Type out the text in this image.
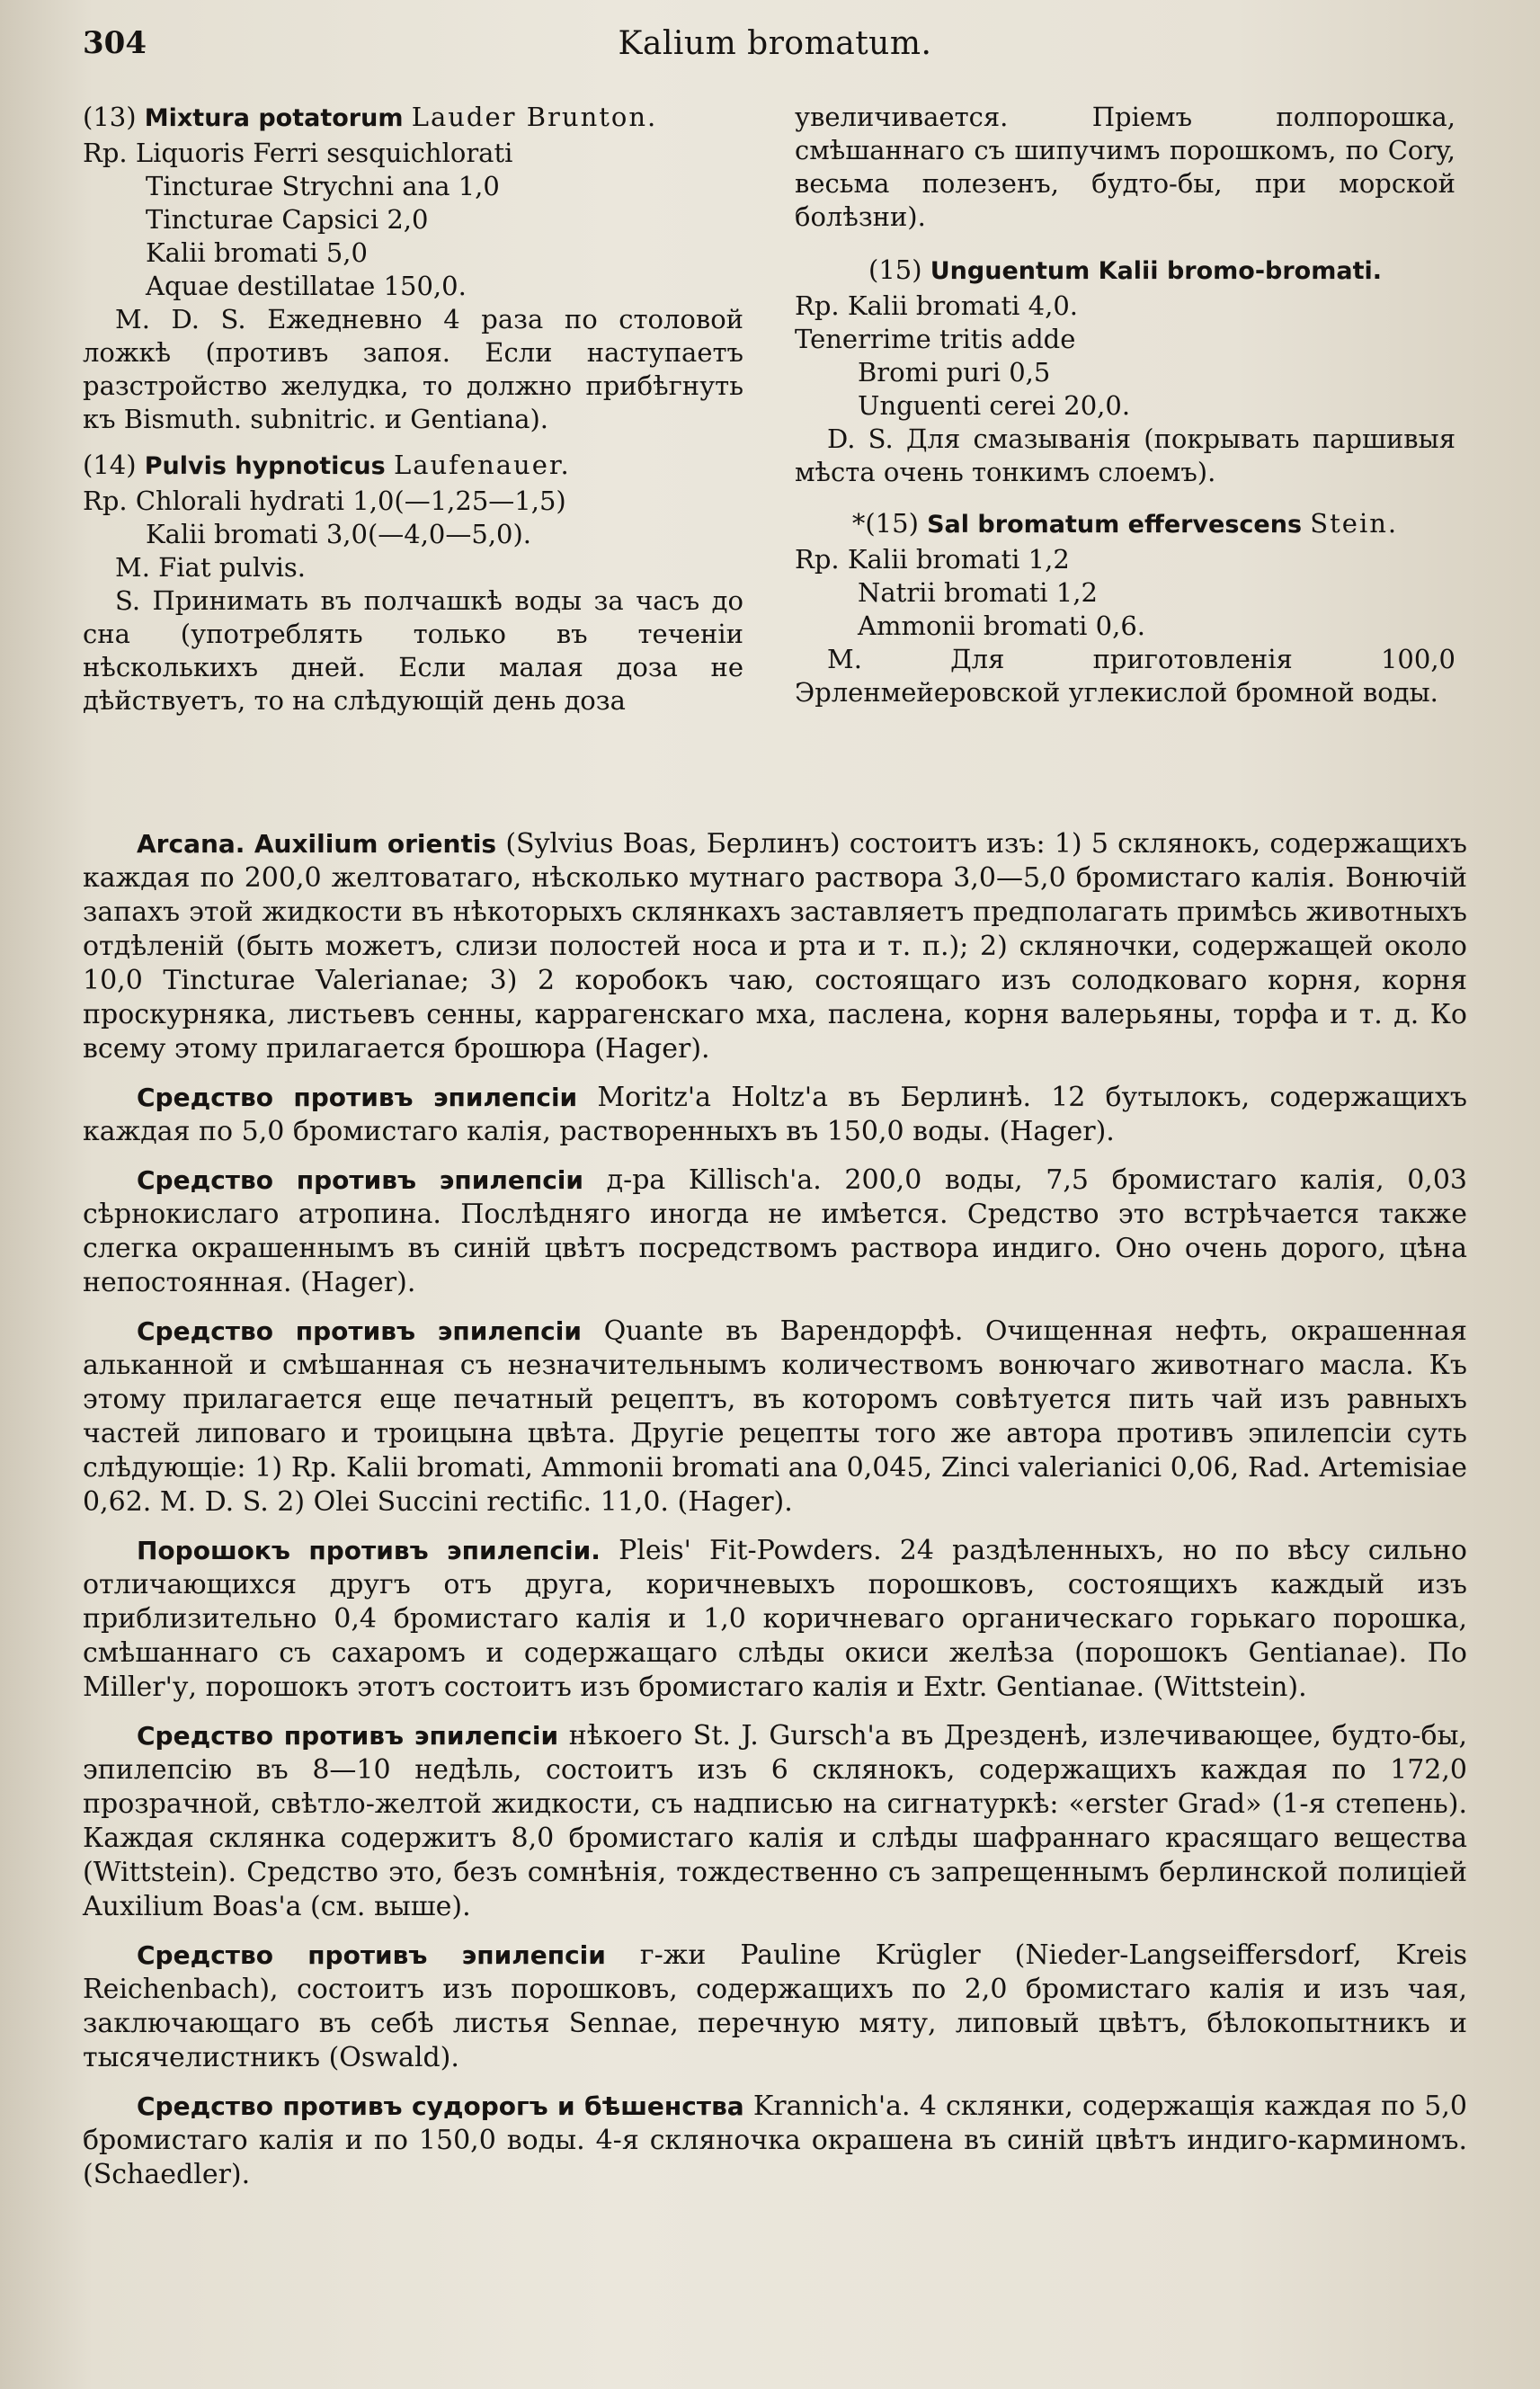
304	Kalium bromatum.
(13) Mixtura potatorum Lauder Brunton.
Rp. Liquoris Ferri sesquichlorati
Tincturae Strychni ana 1,0
Tincturae Capsici 2,0
Kalii bromati 5,0
Aquae destillatae 150,0.
M. D. S. Ежедневно 4 раза по столовой ложкѣ (противъ запоя. Если наступаетъ разстройство желудка, то должно прибѣгнуть къ Bismuth. subnitric. и Gentiana).
(14) Pulvis hypnoticus Laufenauer.
Rp. Chlorali hydrati 1,0(—1,25—1,5)
Kalii bromati 3,0(—4,0—5,0).
M. Fiat pulvis.
S. Принимать въ полчашкѣ воды за часъ до сна (употреблять только въ теченіи нѣсколькихъ дней. Если малая доза не дѣйствуетъ, то на слѣдующій день доза
увеличивается. Пріемъ полпорошка, смѣшаннаго съ шипучимъ порошкомъ, по Cory, весьма полезенъ, будто-бы, при морской болѣзни).
(15) Unguentum Kalii bromo-bromati.
Rp. Kalii bromati 4,0.
Tenerrime tritis adde
Bromi puri 0,5
Unguenti cerei 20,0.
D. S. Для смазыванія (покрывать паршивыя мѣста очень тонкимъ слоемъ).
*(15) Sal bromatum effervescens Stein.
Rp. Kalii bromati 1,2
Natrii bromati 1,2
Ammonii bromati 0,6.
M. Для приготовленія 100,0 Эрленмейеровской углекислой бромной воды.

Arcana. Auxilium orientis (Sylvius Boas, Берлинъ) состоитъ изъ: 1) 5 склянокъ, содержащихъ каждая по 200,0 желтоватаго, нѣсколько мутнаго раствора 3,0—5,0 бромистаго калія. Вонючій запахъ этой жидкости въ нѣкоторыхъ склянкахъ заставляетъ предполагать примѣсь животныхъ отдѣленій (быть можетъ, слизи полостей носа и рта и т. п.); 2) скляночки, содержащей около 10,0 Tincturae Valerianae; 3) 2 коробокъ чаю, состоящаго изъ солодковаго корня, корня проскурняка, листьевъ сенны, каррагенскаго мха, паслена, корня валерьяны, торфа и т. д. Ко всему этому прилагается брошюра (Hager).

Средство противъ эпилепсіи Moritz'а Holtz'а въ Берлинѣ. 12 бутылокъ, содержащихъ каждая по 5,0 бромистаго калія, растворенныхъ въ 150,0 воды. (Hager).

Средство противъ эпилепсіи д-ра Killisch'а. 200,0 воды, 7,5 бромистаго калія, 0,03 сѣрнокислаго атропина. Послѣдняго иногда не имѣется. Средство это встрѣчается также слегка окрашеннымъ въ синій цвѣтъ посредствомъ раствора индиго. Оно очень дорого, цѣна непостоянная. (Hager).

Средство противъ эпилепсіи Quante въ Варендорфѣ. Очищенная нефть, окрашенная альканной и смѣшанная съ незначительнымъ количествомъ вонючаго животнаго масла. Къ этому прилагается еще печатный рецептъ, въ которомъ совѣтуется пить чай изъ равныхъ частей липоваго и троицына цвѣта. Другіе рецепты того же автора противъ эпилепсіи суть слѣдующіе: 1) Rp. Kalii bromati, Ammonii bromati ana 0,045, Zinci valerianici 0,06, Rad. Artemisiae 0,62. M. D. S. 2) Olei Succini rectific. 11,0. (Hager).

Порошокъ противъ эпилепсіи. Pleis' Fit-Powders. 24 раздѣленныхъ, но по вѣсу сильно отличающихся другъ отъ друга, коричневыхъ порошковъ, состоящихъ каждый изъ приблизительно 0,4 бромистаго калія и 1,0 коричневаго органическаго горькаго порошка, смѣшаннаго съ сахаромъ и содержащаго слѣды окиси желѣза (порошокъ Gentianae). По Miller'у, порошокъ этотъ состоитъ изъ бромистаго калія и Extr. Gentianae. (Wittstein).

Средство противъ эпилепсіи нѣкоего St. J. Gursch'а въ Дрезденѣ, излечивающее, будто-бы, эпилепсію въ 8—10 недѣль, состоитъ изъ 6 склянокъ, содержащихъ каждая по 172,0 прозрачной, свѣтло-желтой жидкости, съ надписью на сигнатуркѣ: «erster Grad» (1-я степень). Каждая склянка содержитъ 8,0 бромистаго калія и слѣды шафраннаго красящаго вещества (Wittstein). Средство это, безъ сомнѣнія, тождественно съ запрещеннымъ берлинской полиціей Auxilium Boas'а (см. выше).

Средство противъ эпилепсіи г-жи Pauline Krügler (Nieder-Langseiffersdorf, Kreis Reichenbach), состоитъ изъ порошковъ, содержащихъ по 2,0 бромистаго калія и изъ чая, заключающаго въ себѣ листья Sennae, перечную мяту, липовый цвѣтъ, бѣлокопытникъ и тысячелистникъ (Oswald).

Средство противъ судорогъ и бѣшенства Krannich'а. 4 склянки, содержащія каждая по 5,0 бромистаго калія и по 150,0 воды. 4-я скляночка окрашена въ синій цвѣтъ индиго-карминомъ. (Schaedler).
